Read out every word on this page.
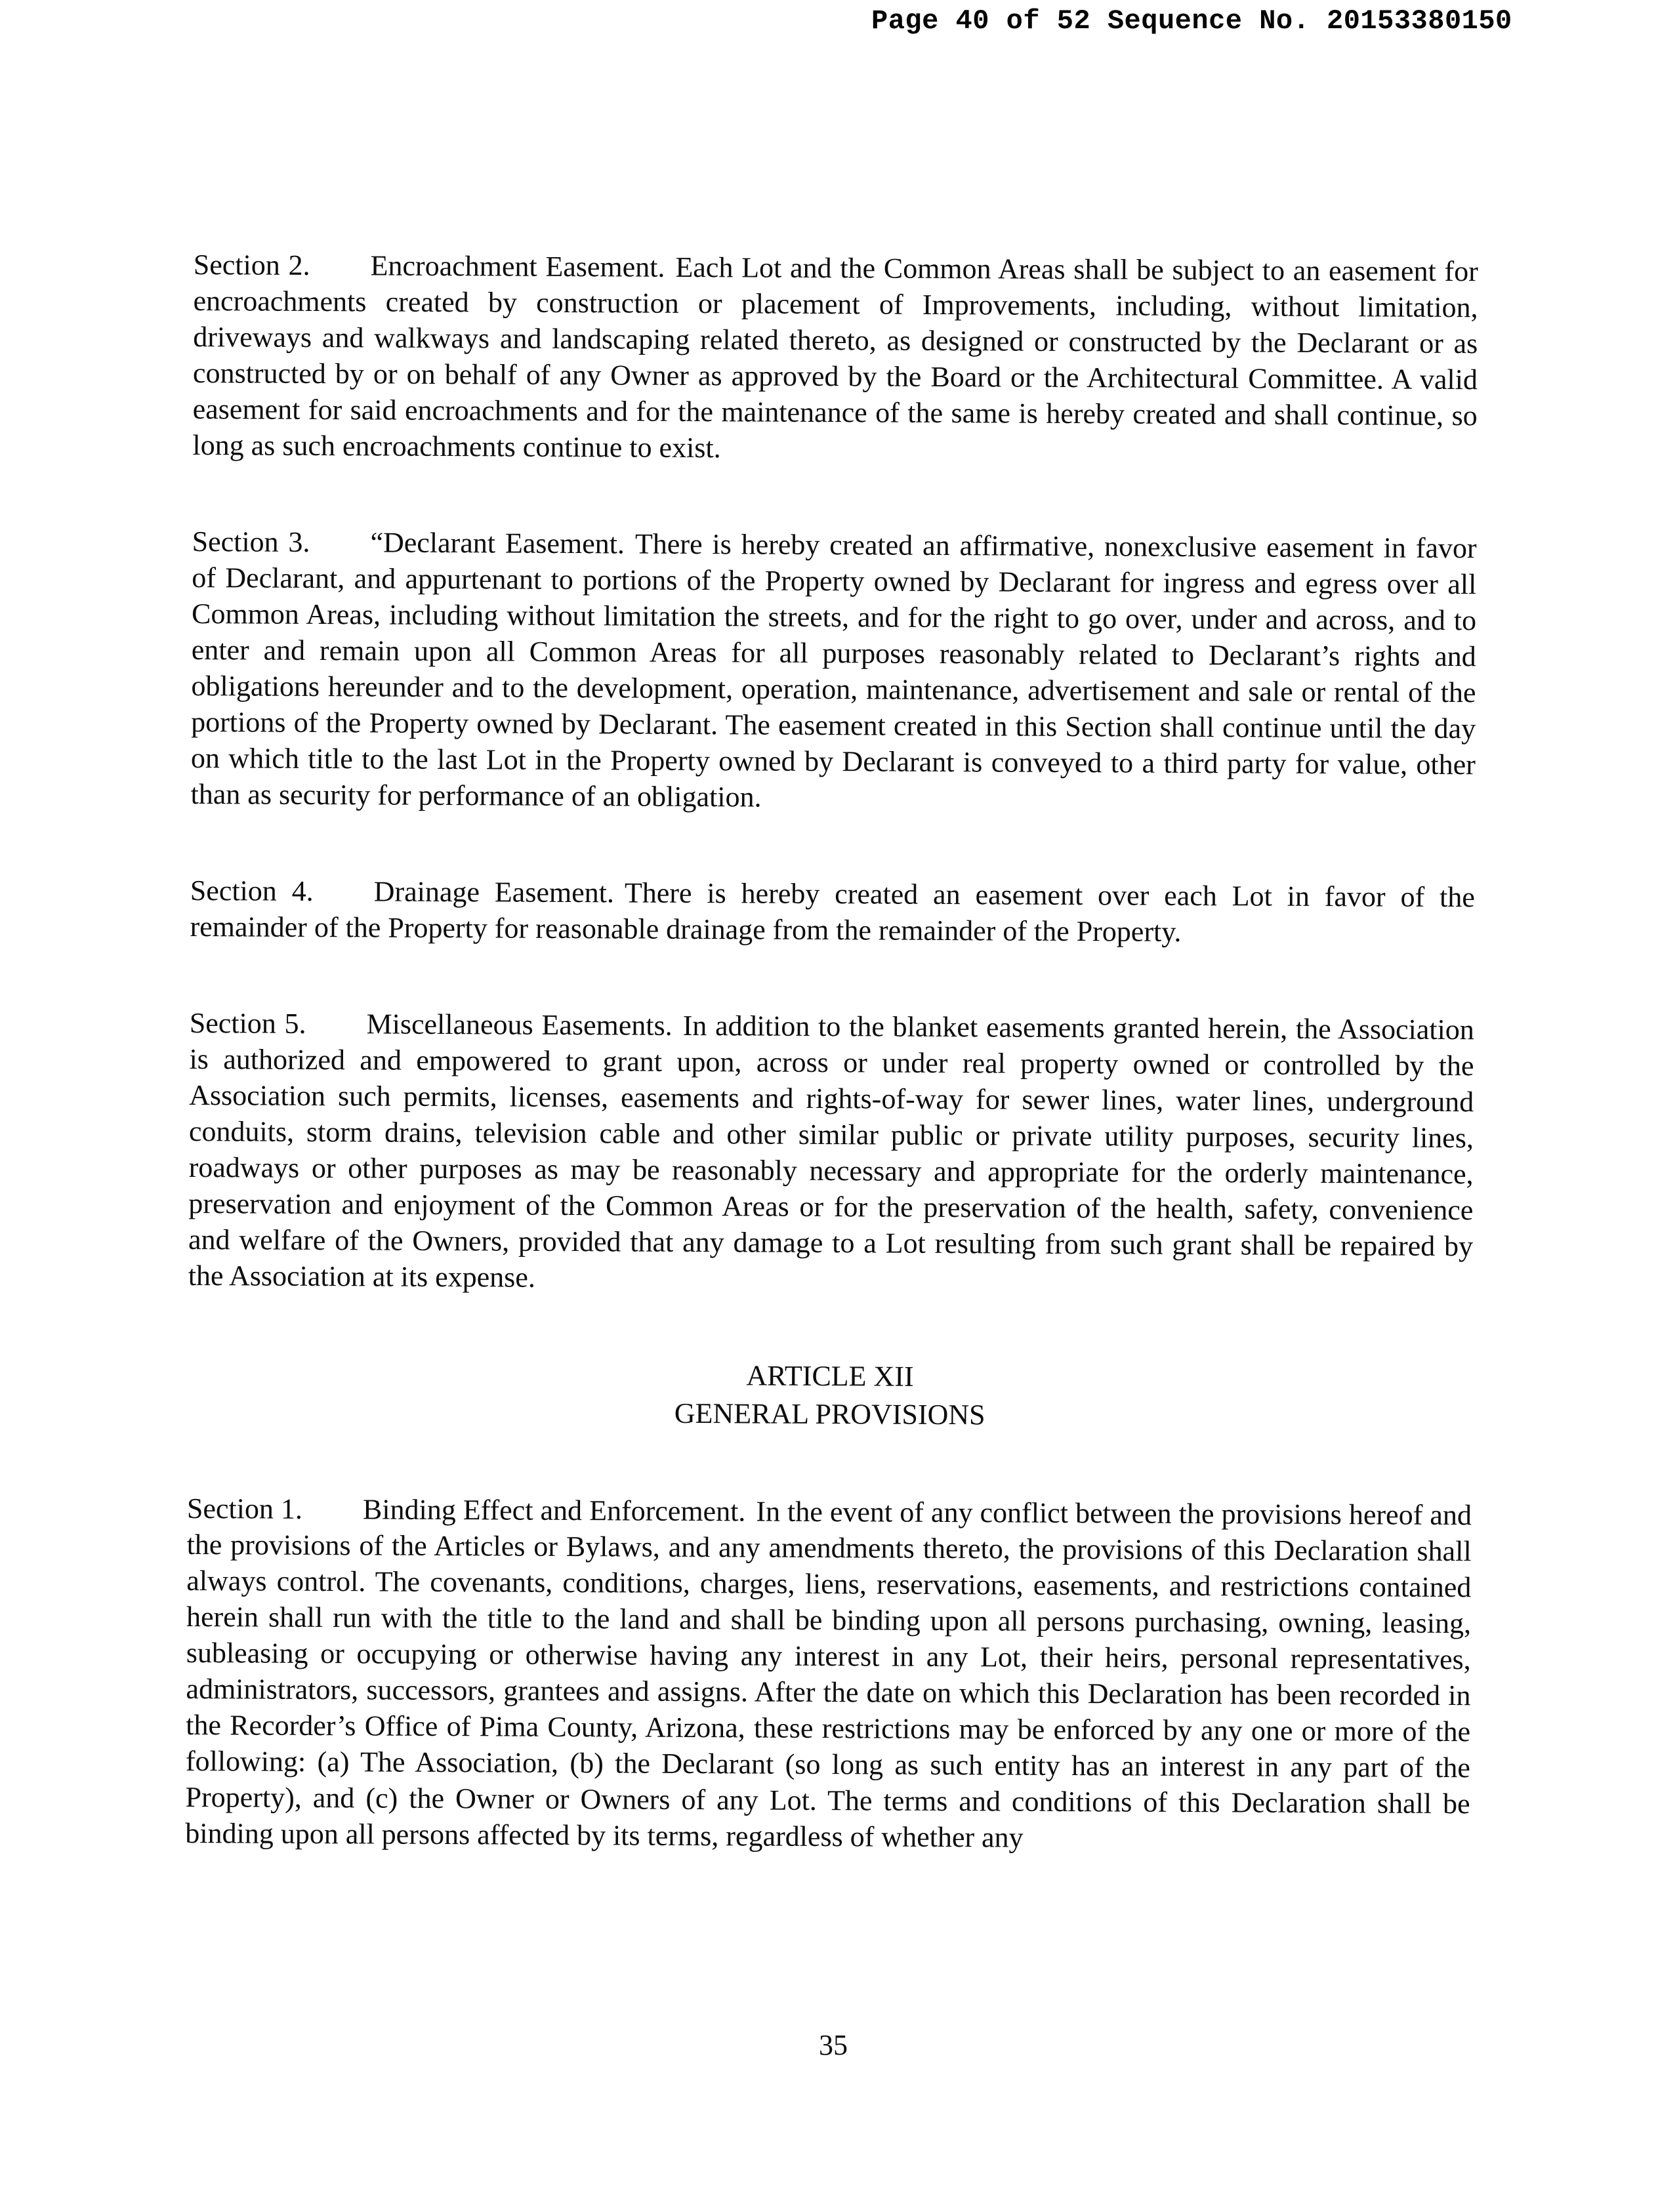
Page 40 of 52 Sequence No. 20153380150

Section 2. Encroachment Easement. Each Lot and the Common Areas shall be subject to an easement for encroachments created by construction or placement of Improvements, including, without limitation, driveways and walkways and landscaping related thereto, as designed or constructed by the Declarant or as constructed by or on behalf of any Owner as approved by the Board or the Architectural Committee. A valid easement for said encroachments and for the maintenance of the same is hereby created and shall continue, so long as such encroachments continue to exist.

Section 3. “Declarant Easement. There is hereby created an affirmative, nonexclusive easement in favor of Declarant, and appurtenant to portions of the Property owned by Declarant for ingress and egress over all Common Areas, including without limitation the streets, and for the right to go over, under and across, and to enter and remain upon all Common Areas for all purposes reasonably related to Declarant’s rights and obligations hereunder and to the development, operation, maintenance, advertisement and sale or rental of the portions of the Property owned by Declarant. The easement created in this Section shall continue until the day on which title to the last Lot in the Property owned by Declarant is conveyed to a third party for value, other than as security for performance of an obligation.

Section 4. Drainage Easement. There is hereby created an easement over each Lot in favor of the remainder of the Property for reasonable drainage from the remainder of the Property.

Section 5. Miscellaneous Easements. In addition to the blanket easements granted herein, the Association is authorized and empowered to grant upon, across or under real property owned or controlled by the Association such permits, licenses, easements and rights-of-way for sewer lines, water lines, underground conduits, storm drains, television cable and other similar public or private utility purposes, security lines, roadways or other purposes as may be reasonably necessary and appropriate for the orderly maintenance, preservation and enjoyment of the Common Areas or for the preservation of the health, safety, convenience and welfare of the Owners, provided that any damage to a Lot resulting from such grant shall be repaired by the Association at its expense.

ARTICLE XII
GENERAL PROVISIONS

Section 1. Binding Effect and Enforcement. In the event of any conflict between the provisions hereof and the provisions of the Articles or Bylaws, and any amendments thereto, the provisions of this Declaration shall always control. The covenants, conditions, charges, liens, reservations, easements, and restrictions contained herein shall run with the title to the land and shall be binding upon all persons purchasing, owning, leasing, subleasing or occupying or otherwise having any interest in any Lot, their heirs, personal representatives, administrators, successors, grantees and assigns. After the date on which this Declaration has been recorded in the Recorder’s Office of Pima County, Arizona, these restrictions may be enforced by any one or more of the following: (a) The Association, (b) the Declarant (so long as such entity has an interest in any part of the Property), and (c) the Owner or Owners of any Lot. The terms and conditions of this Declaration shall be binding upon all persons affected by its terms, regardless of whether any

35
